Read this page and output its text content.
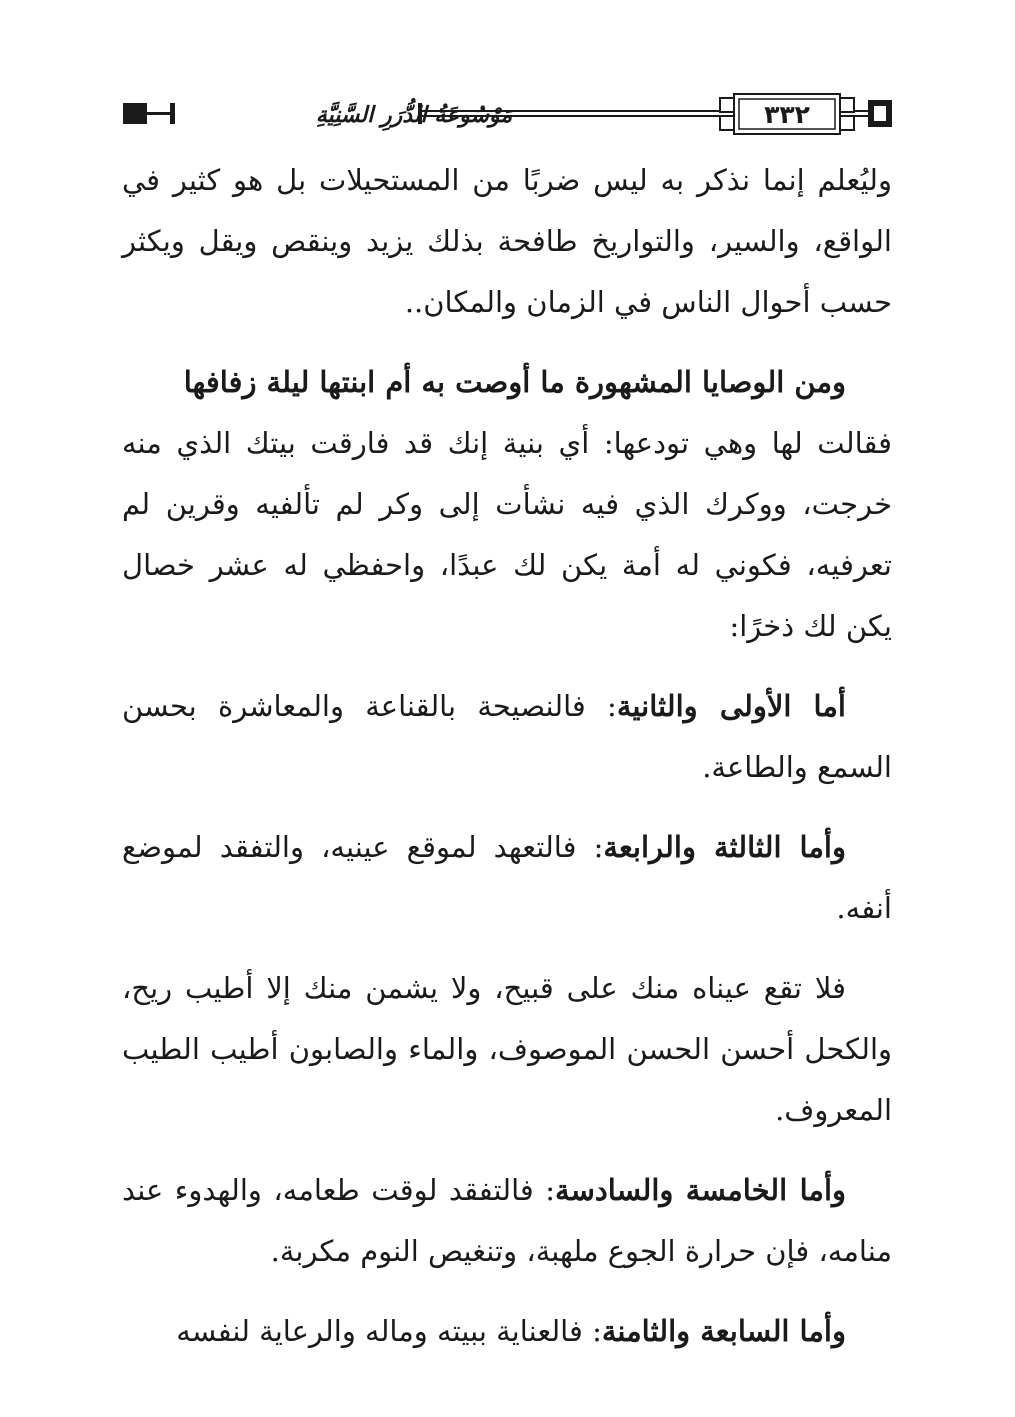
مَوْسُوعَةُ الدُّرَرِ السَّنِيَّةِ	٣٣٢

وليُعلم إنما نذكر به ليس ضربًا من المستحيلات بل هو كثير في الواقع، والسير، والتواريخ طافحة بذلك يزيد وينقص ويقل ويكثر حسب أحوال الناس في الزمان والمكان..

ومن الوصايا المشهورة ما أوصت به أم ابنتها ليلة زفافها

فقالت لها وهي تودعها: أي بنية إنك قد فارقت بيتك الذي منه خرجت، ووكرك الذي فيه نشأت إلى وكر لم تألفيه وقرين لم تعرفيه، فكوني له أمة يكن لك عبدًا، واحفظي له عشر خصال يكن لك ذخرًا:

أما الأولى والثانية: فالنصيحة بالقناعة والمعاشرة بحسن السمع والطاعة.

وأما الثالثة والرابعة: فالتعهد لموقع عينيه، والتفقد لموضع أنفه.

فلا تقع عيناه منك على قبيح، ولا يشمن منك إلا أطيب ريح، والكحل أحسن الحسن الموصوف، والماء والصابون أطيب الطيب المعروف.

وأما الخامسة والسادسة: فالتفقد لوقت طعامه، والهدوء عند منامه، فإن حرارة الجوع ملهبة، وتنغيص النوم مكربة.

وأما السابعة والثامنة: فالعناية ببيته وماله والرعاية لنفسه
